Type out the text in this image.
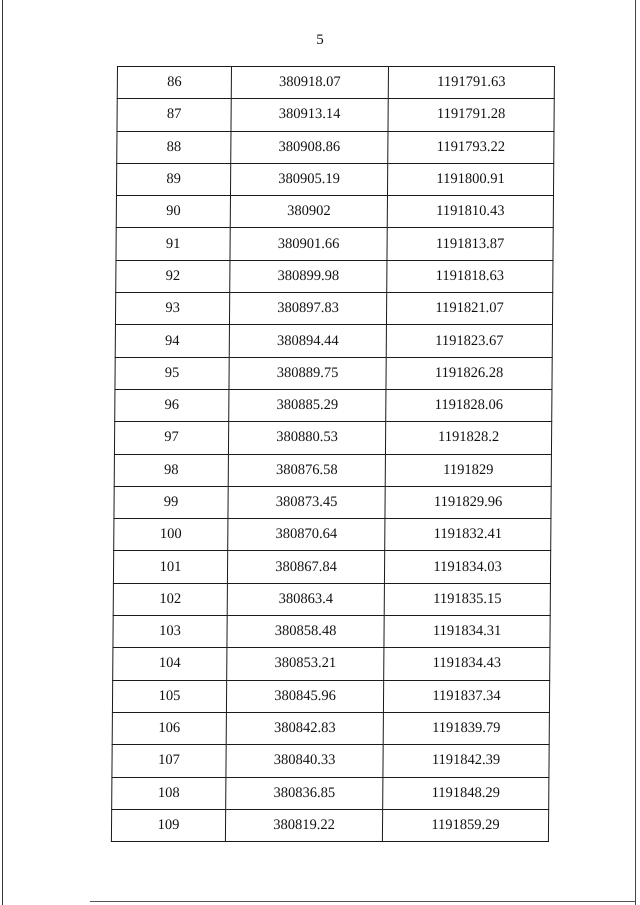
5
86	380918.07	1191791.63
87	380913.14	1191791.28
88	380908.86	1191793.22
89	380905.19	1191800.91
90	380902	1191810.43
91	380901.66	1191813.87
92	380899.98	1191818.63
93	380897.83	1191821.07
94	380894.44	1191823.67
95	380889.75	1191826.28
96	380885.29	1191828.06
97	380880.53	1191828.2
98	380876.58	1191829
99	380873.45	1191829.96
100	380870.64	1191832.41
101	380867.84	1191834.03
102	380863.4	1191835.15
103	380858.48	1191834.31
104	380853.21	1191834.43
105	380845.96	1191837.34
106	380842.83	1191839.79
107	380840.33	1191842.39
108	380836.85	1191848.29
109	380819.22	1191859.29
